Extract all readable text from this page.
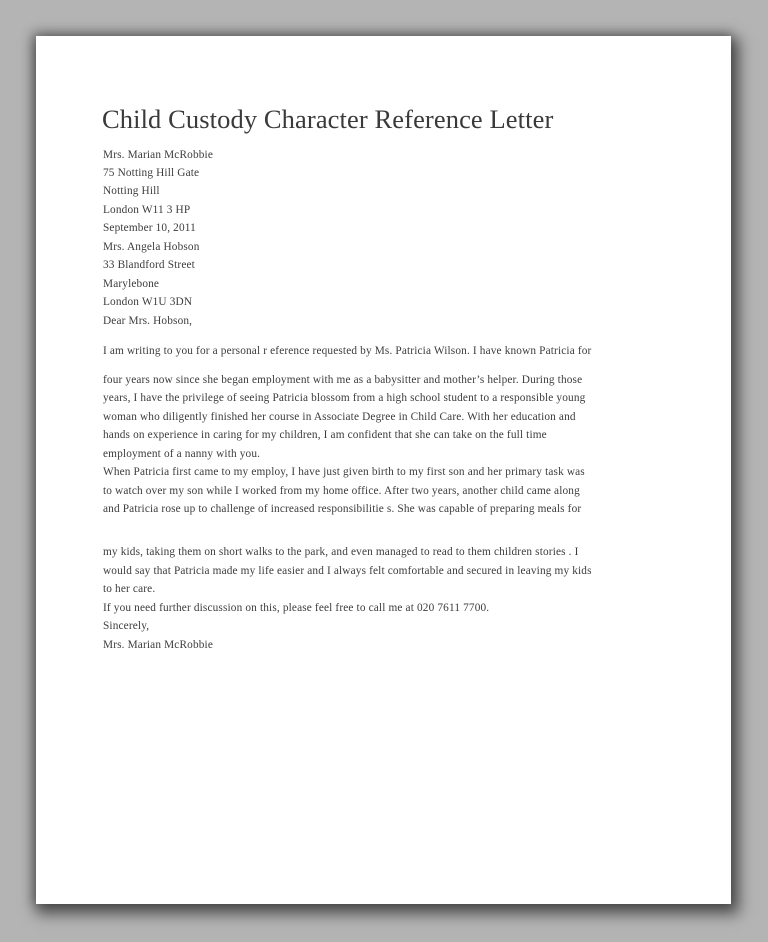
Child Custody Character Reference Letter
Mrs. Marian McRobbie
75 Notting Hill Gate
Notting Hill
London W11 3 HP
September 10, 2011
Mrs. Angela Hobson
33 Blandford Street
Marylebone
London W1U 3DN
Dear Mrs. Hobson,
I am writing to you for a personal r eference requested by Ms. Patricia Wilson. I have known Patricia for
four years now since she began employment with me as a babysitter and mother’s helper. During those
years, I have the privilege of seeing Patricia blossom from a high school student to a responsible young
woman who diligently finished her course in Associate Degree in Child Care. With her education and
hands on experience in caring for my children, I am confident that she can take on the full time
employment of a nanny with you.
When Patricia first came to my employ, I have just given birth to my first son and her primary task was
to watch over my son while I worked from my home office. After two years, another child came along
and Patricia rose up to challenge of increased responsibilitie s. She was capable of preparing meals for
my kids, taking them on short walks to the park, and even managed to read to them children stories . I
would say that Patricia made my life easier and I always felt comfortable and secured in leaving my kids
to her care.
If you need further discussion on this, please feel free to call me at 020 7611 7700.
Sincerely,
Mrs. Marian McRobbie
